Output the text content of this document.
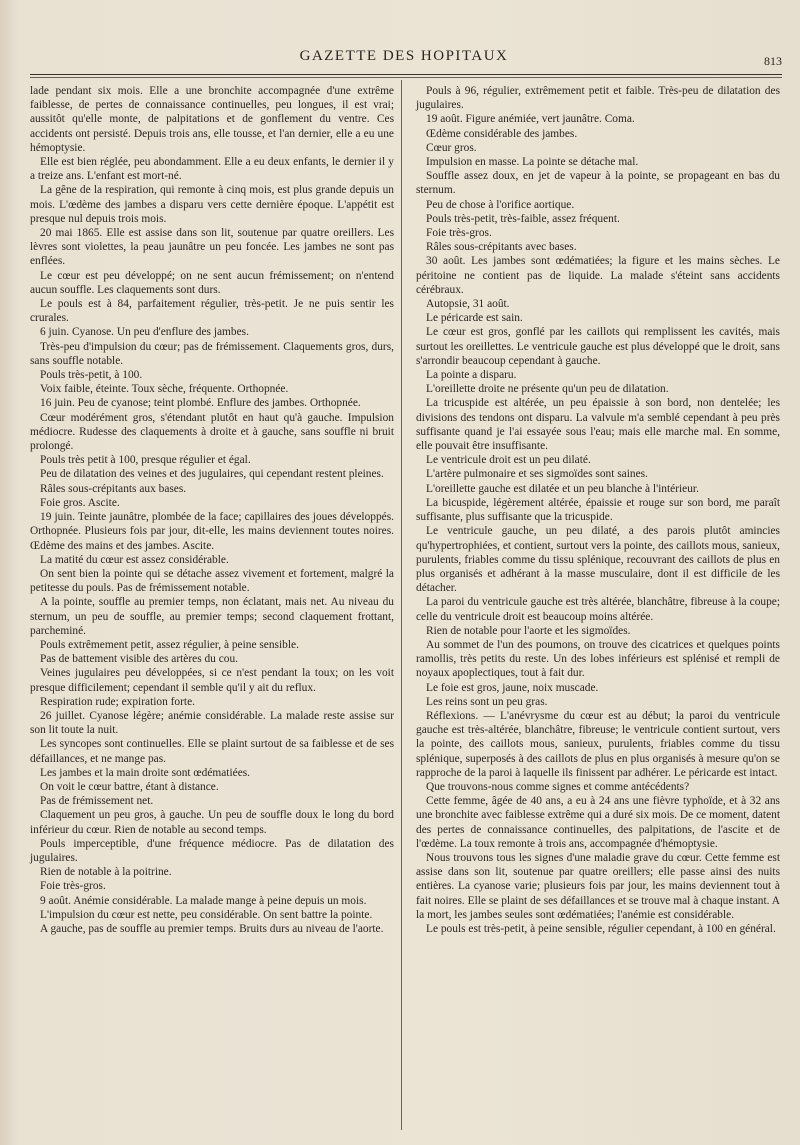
GAZETTE DES HOPITAUX	813

lade pendant six mois. Elle a une bronchite accompagnée d'une extrême faiblesse, de pertes de connaissance continuelles, peu longues, il est vrai; aussitôt qu'elle monte, de palpitations et de gonflement du ventre. Ces accidents ont persisté. Depuis trois ans, elle tousse, et l'an dernier, elle a eu une hémoptysie.

Elle est bien réglée, peu abondamment. Elle a eu deux enfants, le dernier il y a treize ans. L'enfant est mort-né.

La gêne de la respiration, qui remonte à cinq mois, est plus grande depuis un mois. L'œdème des jambes a disparu vers cette dernière époque. L'appétit est presque nul depuis trois mois.

20 mai 1865. Elle est assise dans son lit, soutenue par quatre oreillers. Les lèvres sont violettes, la peau jaunâtre un peu foncée. Les jambes ne sont pas enflées.

Le cœur est peu développé; on ne sent aucun frémissement; on n'entend aucun souffle. Les claquements sont durs.

Le pouls est à 84, parfaitement régulier, très-petit. Je ne puis sentir les crurales.

6 juin. Cyanose. Un peu d'enflure des jambes.

Très-peu d'impulsion du cœur; pas de frémissement. Claquements gros, durs, sans souffle notable.

Pouls très-petit, à 100.

Voix faible, éteinte. Toux sèche, fréquente. Orthopnée.

16 juin. Peu de cyanose; teint plombé. Enflure des jambes. Orthopnée.

Cœur modérément gros, s'étendant plutôt en haut qu'à gauche. Impulsion médiocre. Rudesse des claquements à droite et à gauche, sans souffle ni bruit prolongé.

Pouls très petit à 100, presque régulier et égal.

Peu de dilatation des veines et des jugulaires, qui cependant restent pleines.

Râles sous-crépitants aux bases.

Foie gros. Ascite.

19 juin. Teinte jaunâtre, plombée de la face; capillaires des joues développés. Orthopnée. Plusieurs fois par jour, dit-elle, les mains deviennent toutes noires. Œdème des mains et des jambes. Ascite.

La matité du cœur est assez considérable.

On sent bien la pointe qui se détache assez vivement et fortement, malgré la petitesse du pouls. Pas de frémissement notable.

A la pointe, souffle au premier temps, non éclatant, mais net. Au niveau du sternum, un peu de souffle, au premier temps; second claquement frottant, parcheminé.

Pouls extrêmement petit, assez régulier, à peine sensible.

Pas de battement visible des artères du cou.

Veines jugulaires peu développées, si ce n'est pendant la toux; on les voit presque difficilement; cependant il semble qu'il y ait du reflux.

Respiration rude; expiration forte.

26 juillet. Cyanose légère; anémie considérable. La malade reste assise sur son lit toute la nuit.

Les syncopes sont continuelles. Elle se plaint surtout de sa faiblesse et de ses défaillances, et ne mange pas.

Les jambes et la main droite sont œdématiées.

On voit le cœur battre, étant à distance.

Pas de frémissement net.

Claquement un peu gros, à gauche. Un peu de souffle doux le long du bord inférieur du cœur. Rien de notable au second temps.

Pouls imperceptible, d'une fréquence médiocre. Pas de dilatation des jugulaires.

Rien de notable à la poitrine.

Foie très-gros.

9 août. Anémie considérable. La malade mange à peine depuis un mois.

L'impulsion du cœur est nette, peu considérable. On sent battre la pointe.

A gauche, pas de souffle au premier temps. Bruits durs au niveau de l'aorte.

Pouls à 96, régulier, extrêmement petit et faible. Très-peu de dilatation des jugulaires.

19 août. Figure anémiée, vert jaunâtre. Coma.

Œdème considérable des jambes.

Cœur gros.

Impulsion en masse. La pointe se détache mal.

Souffle assez doux, en jet de vapeur à la pointe, se propageant en bas du sternum.

Peu de chose à l'orifice aortique.

Pouls très-petit, très-faible, assez fréquent.

Foie très-gros.

Râles sous-crépitants avec bases.

30 août. Les jambes sont œdématiées; la figure et les mains sèches. Le péritoine ne contient pas de liquide. La malade s'éteint sans accidents cérébraux.

Autopsie, 31 août.

Le péricarde est sain.

Le cœur est gros, gonflé par les caillots qui remplissent les cavités, mais surtout les oreillettes. Le ventricule gauche est plus développé que le droit, sans s'arrondir beaucoup cependant à gauche.

La pointe a disparu.

L'oreillette droite ne présente qu'un peu de dilatation.

La tricuspide est altérée, un peu épaissie à son bord, non dentelée; les divisions des tendons ont disparu. La valvule m'a semblé cependant à peu près suffisante quand je l'ai essayée sous l'eau; mais elle marche mal. En somme, elle pouvait être insuffisante.

Le ventricule droit est un peu dilaté.

L'artère pulmonaire et ses sigmoïdes sont saines.

L'oreillette gauche est dilatée et un peu blanche à l'intérieur.

La bicuspide, légèrement altérée, épaissie et rouge sur son bord, me paraît suffisante, plus suffisante que la tricuspide.

Le ventricule gauche, un peu dilaté, a des parois plutôt amincies qu'hypertrophiées, et contient, surtout vers la pointe, des caillots mous, sanieux, purulents, friables comme du tissu splénique, recouvrant des caillots de plus en plus organisés et adhérant à la masse musculaire, dont il est difficile de les détacher.

La paroi du ventricule gauche est très altérée, blanchâtre, fibreuse à la coupe; celle du ventricule droit est beaucoup moins altérée.

Rien de notable pour l'aorte et les sigmoïdes.

Au sommet de l'un des poumons, on trouve des cicatrices et quelques points ramollis, très petits du reste. Un des lobes inférieurs est splénisé et rempli de noyaux apoplectiques, tout à fait dur.

Le foie est gros, jaune, noix muscade.

Les reins sont un peu gras.

Réflexions. — L'anévrysme du cœur est au début; la paroi du ventricule gauche est très-altérée, blanchâtre, fibreuse; le ventricule contient surtout, vers la pointe, des caillots mous, sanieux, purulents, friables comme du tissu splénique, superposés à des caillots de plus en plus organisés à mesure qu'on se rapproche de la paroi à laquelle ils finissent par adhérer. Le péricarde est intact.

Que trouvons-nous comme signes et comme antécédents?

Cette femme, âgée de 40 ans, a eu à 24 ans une fièvre typhoïde, et à 32 ans une bronchite avec faiblesse extrême qui a duré six mois. De ce moment, datent des pertes de connaissance continuelles, des palpitations, de l'ascite et de l'œdème. La toux remonte à trois ans, accompagnée d'hémoptysie.

Nous trouvons tous les signes d'une maladie grave du cœur. Cette femme est assise dans son lit, soutenue par quatre oreillers; elle passe ainsi des nuits entières. La cyanose varie; plusieurs fois par jour, les mains deviennent tout à fait noires. Elle se plaint de ses défaillances et se trouve mal à chaque instant. A la mort, les jambes seules sont œdématiées; l'anémie est considérable.

Le pouls est très-petit, à peine sensible, régulier cependant, à 100 en général.
